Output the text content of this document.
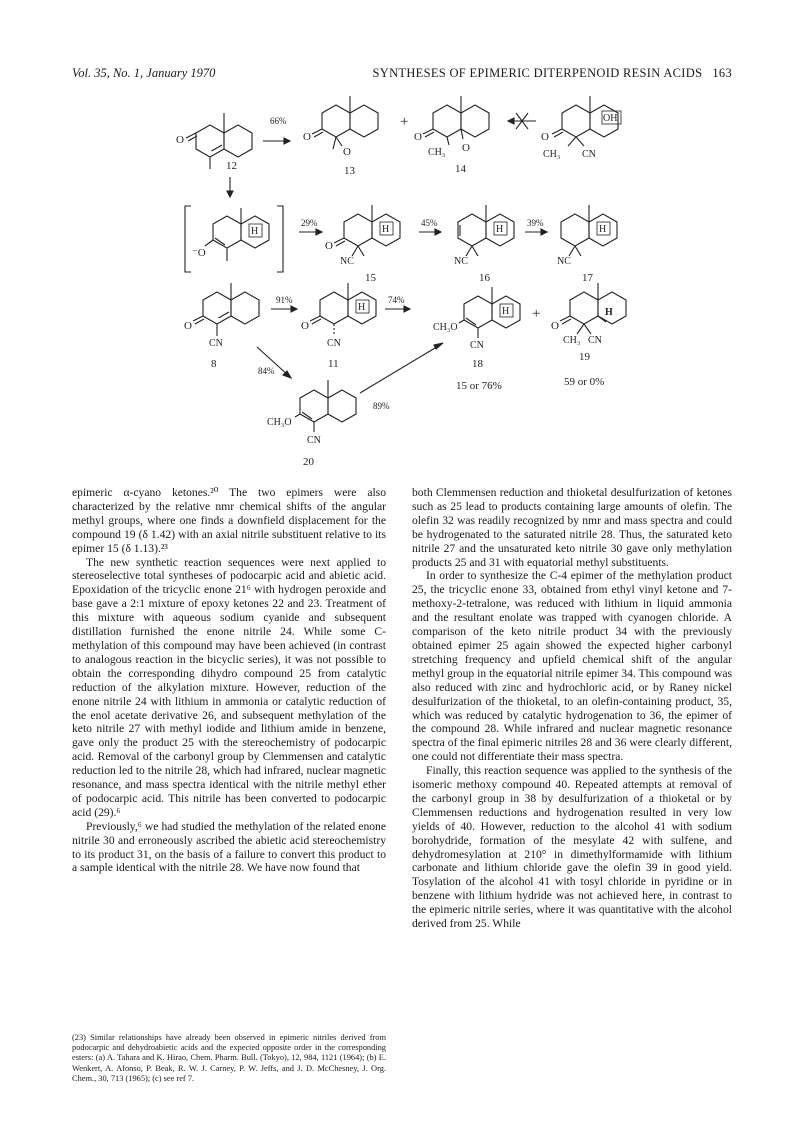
Vol. 35, No. 1, January 1970	SYNTHESES OF EPIMERIC DITERPENOID RESIN ACIDS 163
O
12
66%
O
O
13
+
O
CH₃ O
14
OH
O
CH₃ CN
H
⁻O
29%
H
O
NC
15
45%
H
NC
16
39%
H
NC
17
O
CN
8
91%
H
O
CN
11
74%
H
CH₃O
CN
18
15 or 76%
+	H
O
CH₃ CN
19
59 or 0%
84%
CH₃O
CN
20
89%

epimeric α-cyano ketones.²⁰ The two epimers were also characterized by the relative nmr chemical shifts of the angular methyl groups, where one finds a downfield displacement for the compound 19 (δ 1.42) with an axial nitrile substituent relative to its epimer 15 (δ 1.13).²³

The new synthetic reaction sequences were next applied to stereoselective total syntheses of podocarpic acid and abietic acid. Epoxidation of the tricyclic enone 21⁶ with hydrogen peroxide and base gave a 2:1 mixture of epoxy ketones 22 and 23. Treatment of this mixture with aqueous sodium cyanide and subsequent distillation furnished the enone nitrile 24. While some C-methylation of this compound may have been achieved (in contrast to analogous reaction in the bicyclic series), it was not possible to obtain the corresponding dihydro compound 25 from catalytic reduction of the alkylation mixture. However, reduction of the enone nitrile 24 with lithium in ammonia or catalytic reduction of the enol acetate derivative 26, and subsequent methylation of the keto nitrile 27 with methyl iodide and lithium amide in benzene, gave only the product 25 with the stereochemistry of podocarpic acid. Removal of the carbonyl group by Clemmensen and catalytic reduction led to the nitrile 28, which had infrared, nuclear magnetic resonance, and mass spectra identical with the nitrile methyl ether of podocarpic acid. This nitrile has been converted to podocarpic acid (29).⁶

Previously,⁶ we had studied the methylation of the related enone nitrile 30 and erroneously ascribed the abietic acid stereochemistry to its product 31, on the basis of a failure to convert this product to a sample identical with the nitrile 28. We have now found that

(23) Similar relationships have already been observed in epimeric nitriles derived from podocarpic and dehydroabietic acids and the expected opposite order in the corresponding esters: (a) A. Tahara and K. Hirao, Chem. Pharm. Bull. (Tokyo), 12, 984, 1121 (1964); (b) E. Wenkert, A. Afonso, P. Beak, R. W. J. Carney, P. W. Jeffs, and J. D. McChesney, J. Org. Chem., 30, 713 (1965); (c) see ref 7.

both Clemmensen reduction and thioketal desulfurization of ketones such as 25 lead to products containing large amounts of olefin. The olefin 32 was readily recognized by nmr and mass spectra and could be hydrogenated to the saturated nitrile 28. Thus, the saturated keto nitrile 27 and the unsaturated keto nitrile 30 gave only methylation products 25 and 31 with equatorial methyl substituents.

In order to synthesize the C-4 epimer of the methylation product 25, the tricyclic enone 33, obtained from ethyl vinyl ketone and 7-methoxy-2-tetralone, was reduced with lithium in liquid ammonia and the resultant enolate was trapped with cyanogen chloride. A comparison of the keto nitrile product 34 with the previously obtained epimer 25 again showed the expected higher carbonyl stretching frequency and upfield chemical shift of the angular methyl group in the equatorial nitrile epimer 34. This compound was also reduced with zinc and hydrochloric acid, or by Raney nickel desulfurization of the thioketal, to an olefin-containing product, 35, which was reduced by catalytic hydrogenation to 36, the epimer of the compound 28. While infrared and nuclear magnetic resonance spectra of the final epimeric nitriles 28 and 36 were clearly different, one could not differentiate their mass spectra.

Finally, this reaction sequence was applied to the synthesis of the isomeric methoxy compound 40. Repeated attempts at removal of the carbonyl group in 38 by desulfurization of a thioketal or by Clemmensen reductions and hydrogenation resulted in very low yields of 40. However, reduction to the alcohol 41 with sodium borohydride, formation of the mesylate 42 with sulfene, and dehydromesylation at 210° in dimethylformamide with lithium carbonate and lithium chloride gave the olefin 39 in good yield. Tosylation of the alcohol 41 with tosyl chloride in pyridine or in benzene with lithium hydride was not achieved here, in contrast to the epimeric nitrile series, where it was quantitative with the alcohol derived from 25. While
